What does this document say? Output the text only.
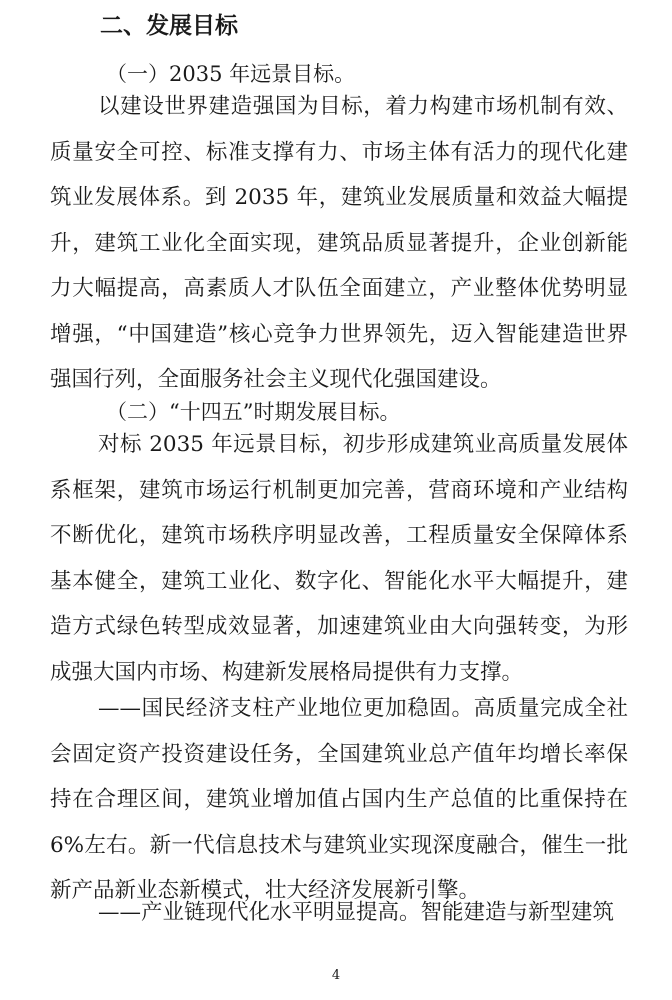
二、发展目标

（一）2035 年远景目标。

以建设世界建造强国为目标，着力构建市场机制有效、质量安全可控、标准支撑有力、市场主体有活力的现代化建筑业发展体系。到 2035 年，建筑业发展质量和效益大幅提升，建筑工业化全面实现，建筑品质显著提升，企业创新能力大幅提高，高素质人才队伍全面建立，产业整体优势明显增强，“中国建造”核心竞争力世界领先，迈入智能建造世界强国行列，全面服务社会主义现代化强国建设。

（二）“十四五”时期发展目标。

对标 2035 年远景目标，初步形成建筑业高质量发展体系框架，建筑市场运行机制更加完善，营商环境和产业结构不断优化，建筑市场秩序明显改善，工程质量安全保障体系基本健全，建筑工业化、数字化、智能化水平大幅提升，建造方式绿色转型成效显著，加速建筑业由大向强转变，为形成强大国内市场、构建新发展格局提供有力支撑。

——国民经济支柱产业地位更加稳固。高质量完成全社会固定资产投资建设任务，全国建筑业总产值年均增长率保持在合理区间，建筑业增加值占国内生产总值的比重保持在6%左右。新一代信息技术与建筑业实现深度融合，催生一批新产品新业态新模式，壮大经济发展新引擎。

——产业链现代化水平明显提高。智能建造与新型建筑

4
